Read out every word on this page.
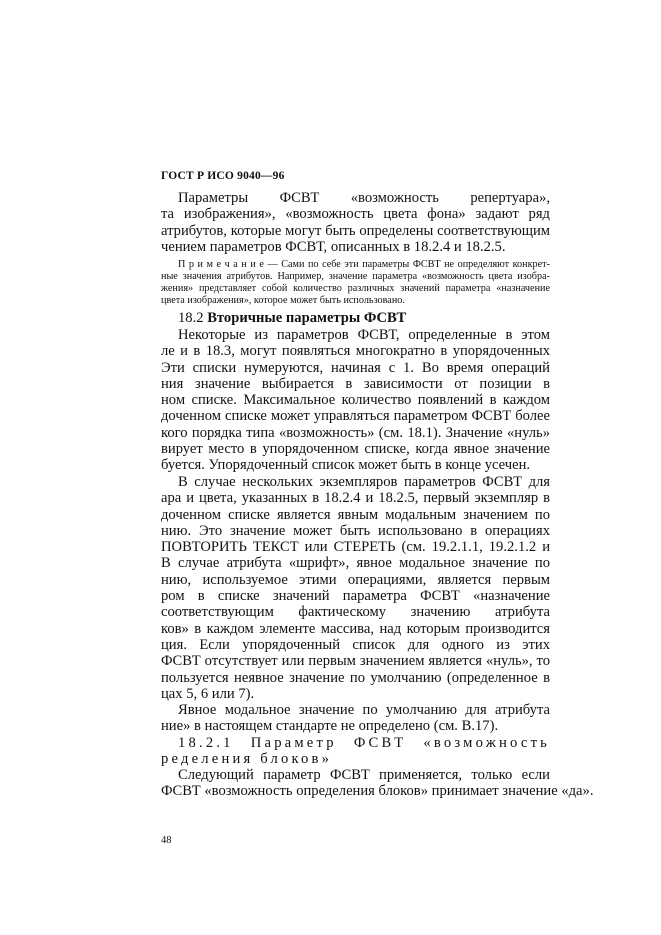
ГОСТ Р ИСО 9040—96
Параметры ФСВТ «возможность репертуара»,
та изображения», «возможность цвета фона» задают ряд
атрибутов, которые могут быть определены соответствующим
чением параметров ФСВТ, описанных в 18.2.4 и 18.2.5.
П р и м е ч а н и е — Сами по себе эти параметры ФСВТ не определяют конкрет-
ные значения атрибутов. Например, значение параметра «возможность цвета изобра-
жения» представляет собой количество различных значений параметра «назначение
цвета изображения», которое может быть использовано.
18.2 Вторичные параметры ФСВТ
Некоторые из параметров ФСВТ, определенные в этом
ле и в 18.3, могут появляться многократно в упорядоченных
Эти списки нумеруются, начиная с 1. Во время операций
ния значение выбирается в зависимости от позиции в
ном списке. Максимальное количество появлений в каждом
доченном списке может управляться параметром ФСВТ более
кого порядка типа «возможность» (см. 18.1). Значение «нуль»
вирует место в упорядоченном списке, когда явное значение
буется. Упорядоченный список может быть в конце усечен.
В случае нескольких экземпляров параметров ФСВТ для
ара и цвета, указанных в 18.2.4 и 18.2.5, первый экземпляр в
доченном списке является явным модальным значением по
нию. Это значение может быть использовано в операциях
ПОВТОРИТЬ ТЕКСТ или СТЕРЕТЬ (см. 19.2.1.1, 19.2.1.2 и
В случае атрибута «шрифт», явное модальное значение по
нию, используемое этими операциями, является первым
ром в списке значений параметра ФСВТ «назначение
соответствующим фактическому значению атрибута
ков» в каждом элементе массива, над которым производится
ция. Если упорядоченный список для одного из этих
ФСВТ отсутствует или первым значением является «нуль», то
пользуется неявное значение по умолчанию (определенное в
цах 5, 6 или 7).
Явное модальное значение по умолчанию для атрибута
ние» в настоящем стандарте не определено (см. В.17).
18.2.1 Параметр ФСВТ «возможность
ределения блоков»
Следующий параметр ФСВТ применяется, только если
ФСВТ «возможность определения блоков» принимает значение «да».
48
